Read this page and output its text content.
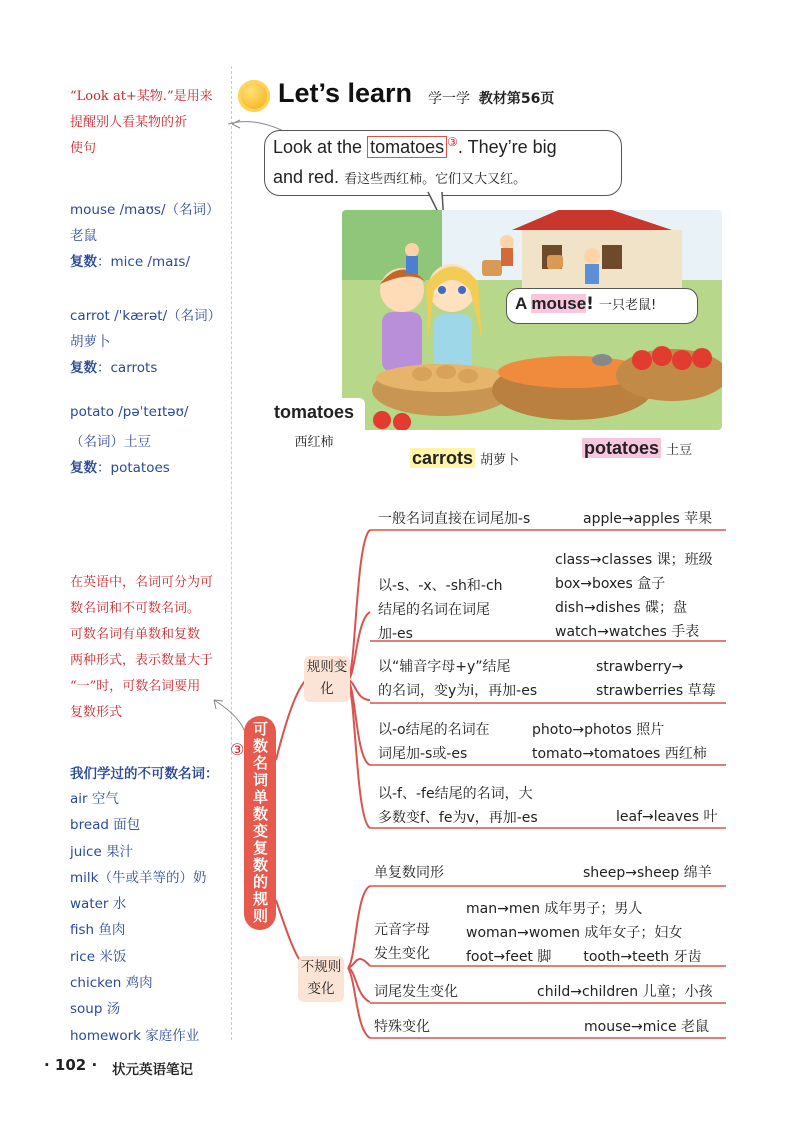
“Look at+某物.”是用来
提醒别人看某物的祈
使句
mouse /maʊs/（名词）
老鼠
复数：mice /maɪs/
carrot /ˈkærət/（名词）
胡萝卜
复数：carrots
potato /pəˈteɪtəʊ/
（名词）土豆
复数：potatoes
在英语中，名词可分为可
数名词和不可数名词。
可数名词有单数和复数
两种形式，表示数量大于
“一”时，可数名词要用
复数形式
我们学过的不可数名词：
air 空气
bread 面包
juice 果汁
milk（牛或羊等的）奶
water 水
fish 鱼肉
rice 米饭
chicken 鸡肉
soup 汤
homework 家庭作业
Let’s learn 学一学 教材第56页
Look at the tomatoes ③. They’re big
and red. 看这些西红柿。它们又大又红。
A mouse! 一只老鼠!
tomatoes
西红柿
carrots 胡萝卜
potatoes 土豆
③ 可数名词单数变复数的规则
规则变化
不规则变化
一般名词直接在词尾加-s	apple→apples 苹果
以-s、-x、-sh和-ch
结尾的名词在词尾
加-es
class→classes 课；班级
box→boxes 盒子
dish→dishes 碟；盘
watch→watches 手表
以“辅音字母+y”结尾
的名词，变y为i，再加-es
strawberry→
strawberries 草莓
以-o结尾的名词在
词尾加-s或-es
photo→photos 照片
tomato→tomatoes 西红柿
以-f、-fe结尾的名词，大
多数变f、fe为v，再加-es	leaf→leaves 叶
单复数同形	sheep→sheep 绵羊
元音字母
发生变化
man→men 成年男子；男人
woman→women 成年女子；妇女
foot→feet 脚 tooth→teeth 牙齿
词尾发生变化	child→children 儿童；小孩
特殊变化	mouse→mice 老鼠
· 102 · 状元英语笔记
